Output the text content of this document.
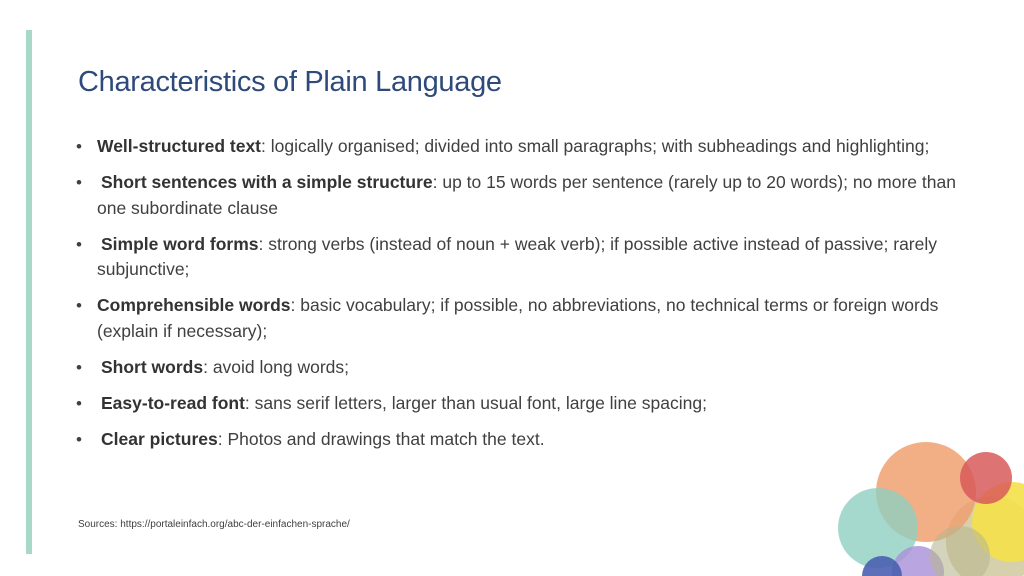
Characteristics of Plain Language
• Well-structured text: logically organised; divided into small paragraphs; with subheadings and highlighting;
• Short sentences with a simple structure: up to 15 words per sentence (rarely up to 20 words); no more than one subordinate clause
• Simple word forms: strong verbs (instead of noun + weak verb); if possible active instead of passive; rarely subjunctive;
• Comprehensible words: basic vocabulary; if possible, no abbreviations, no technical terms or foreign words (explain if necessary);
• Short words: avoid long words;
• Easy-to-read font: sans serif letters, larger than usual font, large line spacing;
• Clear pictures: Photos and drawings that match the text.
Sources: https://portaleinfach.org/abc-der-einfachen-sprache/
